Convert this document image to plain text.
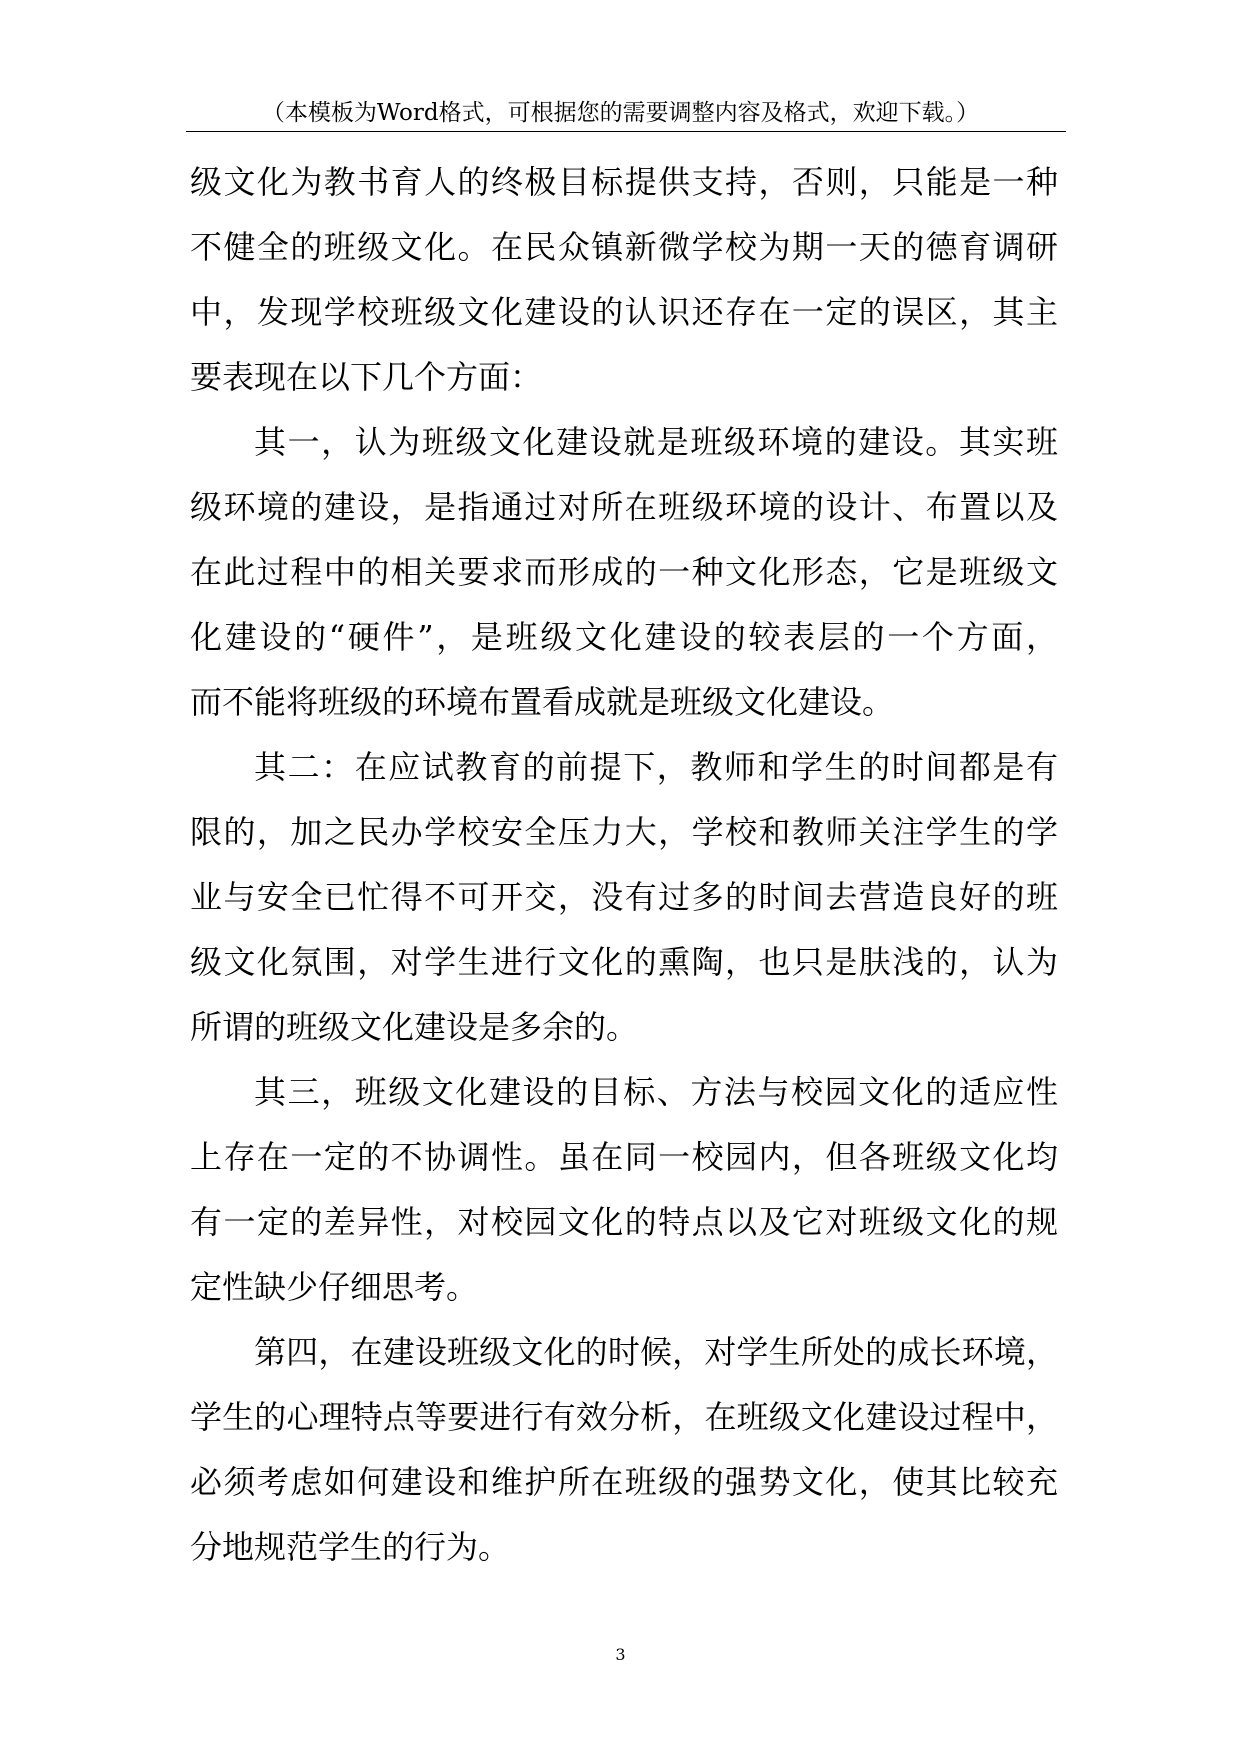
（本模板为Word格式，可根据您的需要调整内容及格式，欢迎下载。）
级文化为教书育人的终极目标提供支持，否则，只能是一种
不健全的班级文化。在民众镇新微学校为期一天的德育调研
中，发现学校班级文化建设的认识还存在一定的误区，其主
要表现在以下几个方面：
其一，认为班级文化建设就是班级环境的建设。其实班
级环境的建设，是指通过对所在班级环境的设计、布置以及
在此过程中的相关要求而形成的一种文化形态，它是班级文
化建设的“硬件”，是班级文化建设的较表层的一个方面，
而不能将班级的环境布置看成就是班级文化建设。
其二：在应试教育的前提下，教师和学生的时间都是有
限的，加之民办学校安全压力大，学校和教师关注学生的学
业与安全已忙得不可开交，没有过多的时间去营造良好的班
级文化氛围，对学生进行文化的熏陶，也只是肤浅的，认为
所谓的班级文化建设是多余的。
其三，班级文化建设的目标、方法与校园文化的适应性
上存在一定的不协调性。虽在同一校园内，但各班级文化均
有一定的差异性，对校园文化的特点以及它对班级文化的规
定性缺少仔细思考。
第四，在建设班级文化的时候，对学生所处的成长环境，
学生的心理特点等要进行有效分析，在班级文化建设过程中，
必须考虑如何建设和维护所在班级的强势文化，使其比较充
分地规范学生的行为。
3
